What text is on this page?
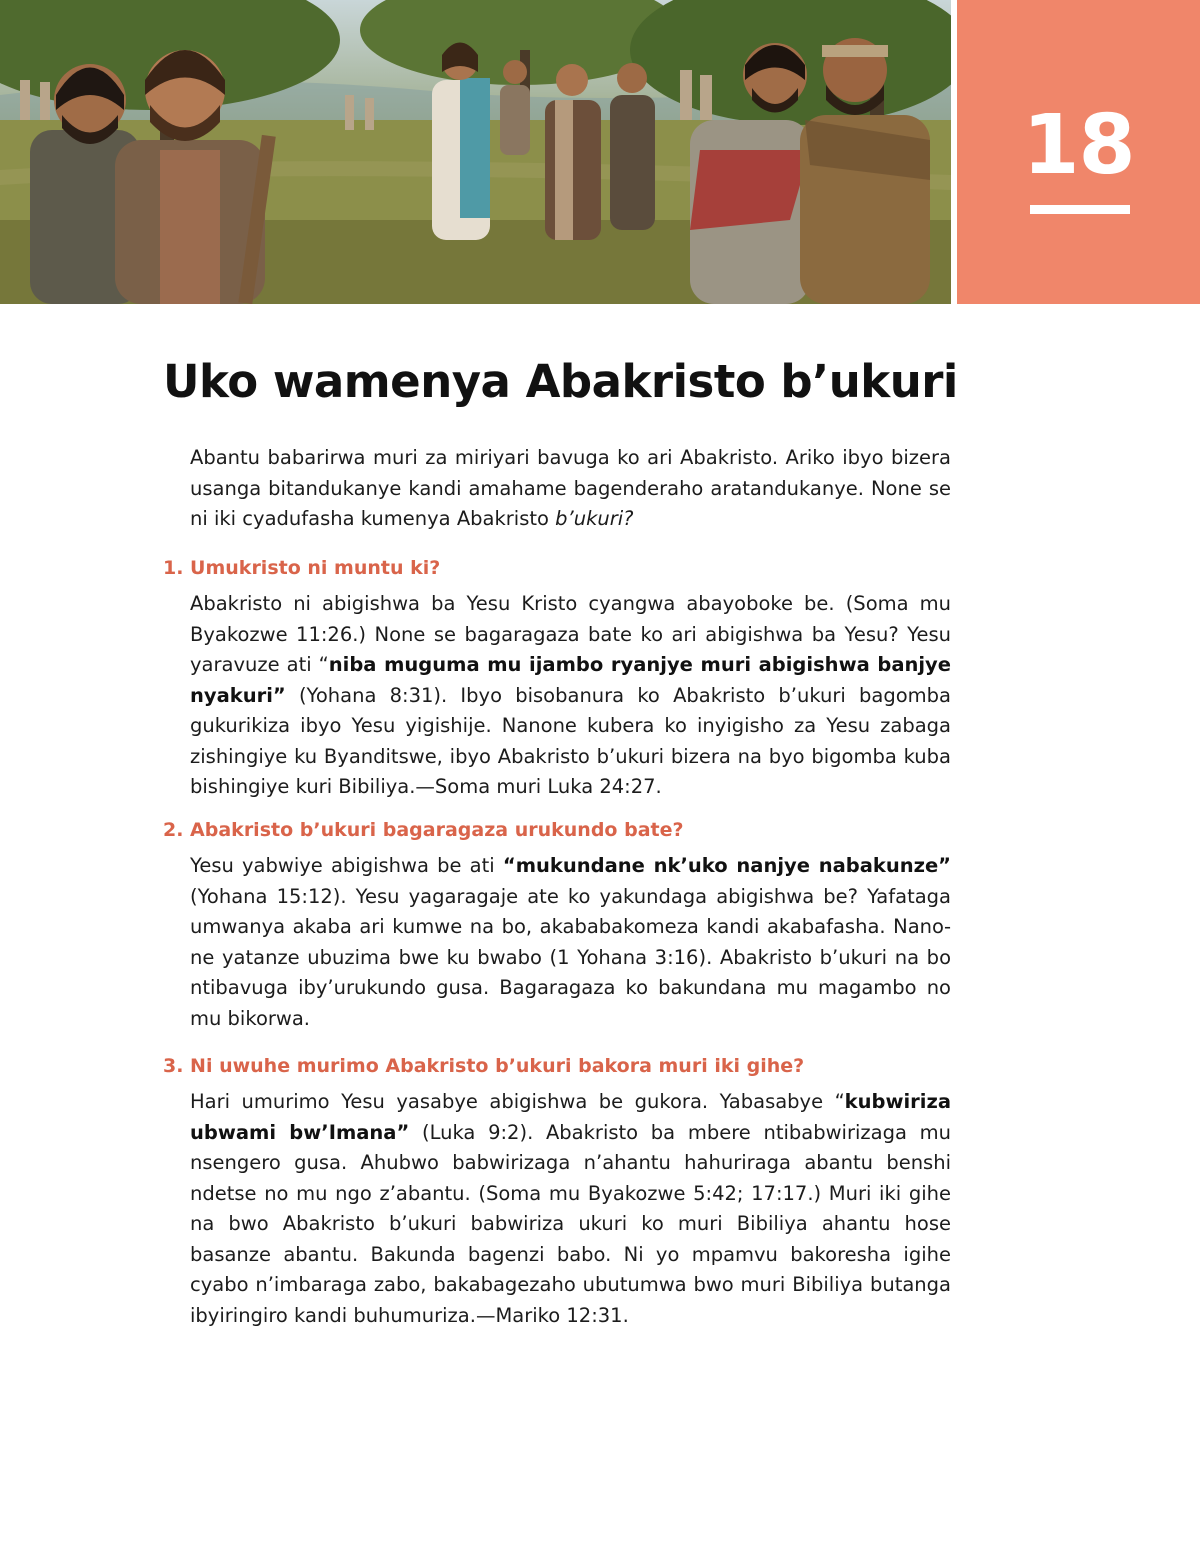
18
Uko wamenya Abakristo b’ukuri

Abantu babarirwa muri za miriyari bavuga ko ari Abakristo. Ariko ibyo bizera usanga bitandukanye kandi amahame bagenderaho aratandukanye. None se ni iki cyadufasha kumenya Abakristo b’ukuri?

1. Umukristo ni muntu ki?

Abakristo ni abigishwa ba Yesu Kristo cyangwa abayoboke be. (Soma mu Byakozwe 11:26.) None se bagaragaza bate ko ari abigishwa ba Yesu? Yesu yaravuze ati “niba muguma mu ijambo ryanjye muri abigishwa banjye nyakuri” (Yohana 8:31). Ibyo bisobanura ko Abakristo b’ukuri bagomba gukurikiza ibyo Yesu yigishije. Nanone kubera ko inyigisho za Yesu zabaga zishingiye ku Byanditswe, ibyo Abakristo b’ukuri bizera na byo bigomba kuba bishingiye kuri Bibiliya.—Soma muri Luka 24:27.

2. Abakristo b’ukuri bagaragaza urukundo bate?

Yesu yabwiye abigishwa be ati “mukundane nk’uko nanjye nabakunze” (Yohana 15:12). Yesu yagaragaje ate ko yakundaga abigishwa be? Yafataga umwanya akaba ari kumwe na bo, akababakomeza kandi akabafasha. Nanone yatanze ubuzima bwe ku bwabo (1 Yohana 3:16). Abakristo b’ukuri na bo ntibavuga iby’urukundo gusa. Bagaragaza ko bakundana mu magambo no mu bikorwa.

3. Ni uwuhe murimo Abakristo b’ukuri bakora muri iki gihe?

Hari umurimo Yesu yasabye abigishwa be gukora. Yabasabye “kubwiriza ubwami bw’Imana” (Luka 9:2). Abakristo ba mbere ntibabwirizaga mu nsengero gusa. Ahubwo babwirizaga n’ahantu hahuriraga abantu benshi ndetse no mu ngo z’abantu. (Soma mu Byakozwe 5:42; 17:17.) Muri iki gihe na bwo Abakristo b’ukuri babwiriza ukuri ko muri Bibiliya ahantu hose basanze abantu. Bakunda bagenzi babo. Ni yo mpamvu bakoresha igihe cyabo n’imbaraga zabo, bakabagezaho ubutumwa bwo muri Bibiliya butanga ibyiringiro kandi buhumuriza.—Mariko 12:31.
